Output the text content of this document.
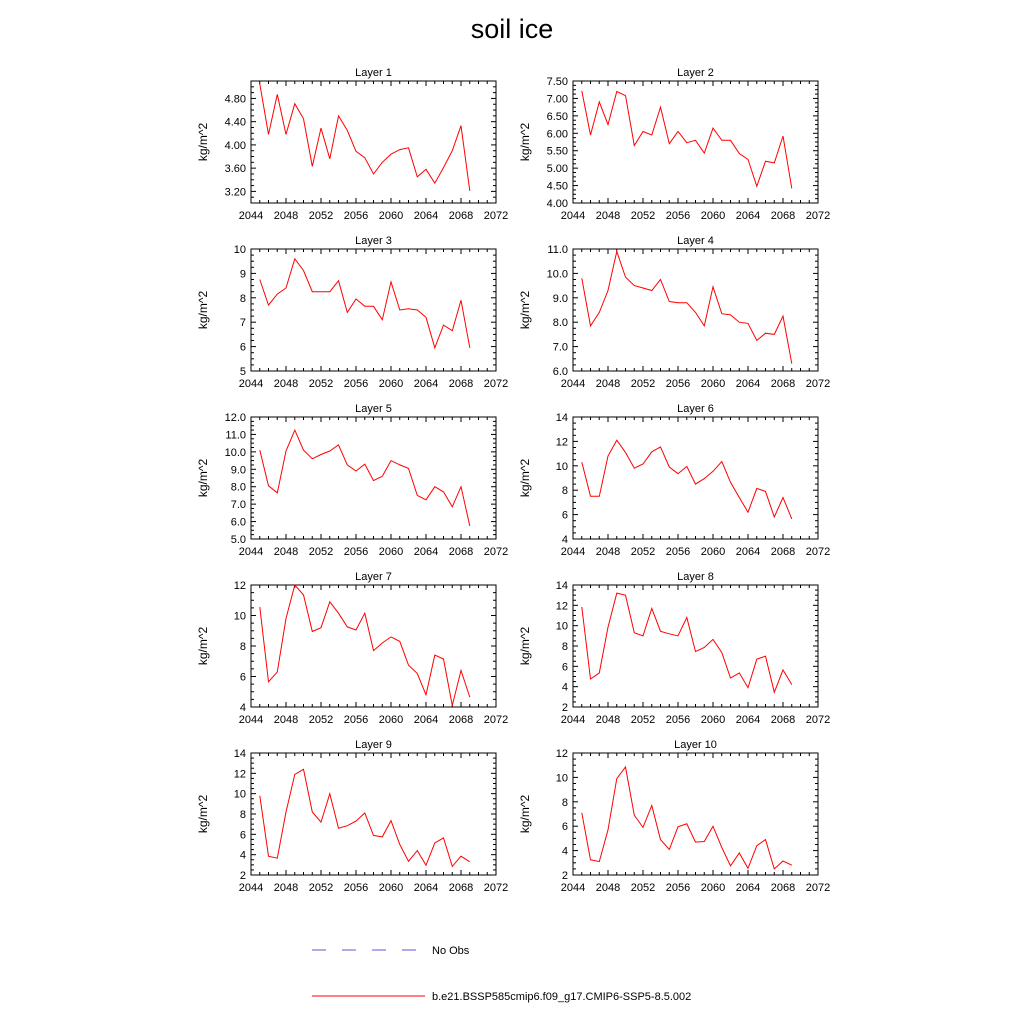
soil ice
Layer 1
kg/m^2
2044 2048 2052 2056 2060 2064 2068 2072
3.20
3.60
4.00
4.40
4.80
Layer 2
kg/m^2
2044 2048 2052 2056 2060 2064 2068 2072
4.00
4.50
5.00
5.50
6.00
6.50
7.00
7.50
Layer 3
kg/m^2
2044 2048 2052 2056 2060 2064 2068 2072
5
6
7
8
9
10
Layer 4
kg/m^2
2044 2048 2052 2056 2060 2064 2068 2072
6.0
7.0
8.0
9.0
10.0
11.0
Layer 5
kg/m^2
2044 2048 2052 2056 2060 2064 2068 2072
5.0
6.0
7.0
8.0
9.0
10.0
11.0
12.0
Layer 6
kg/m^2
2044 2048 2052 2056 2060 2064 2068 2072
4
6
8
10
12
14
Layer 7
kg/m^2
2044 2048 2052 2056 2060 2064 2068 2072
4
6
8
10
12
Layer 8
kg/m^2
2044 2048 2052 2056 2060 2064 2068 2072
2
4
6
8
10
12
14
Layer 9
kg/m^2
2044 2048 2052 2056 2060 2064 2068 2072
2
4
6
8
10
12
14
Layer 10
kg/m^2
2044 2048 2052 2056 2060 2064 2068 2072
2
4
6
8
10
12
No Obs
b.e21.BSSP585cmip6.f09_g17.CMIP6-SSP5-8.5.002
